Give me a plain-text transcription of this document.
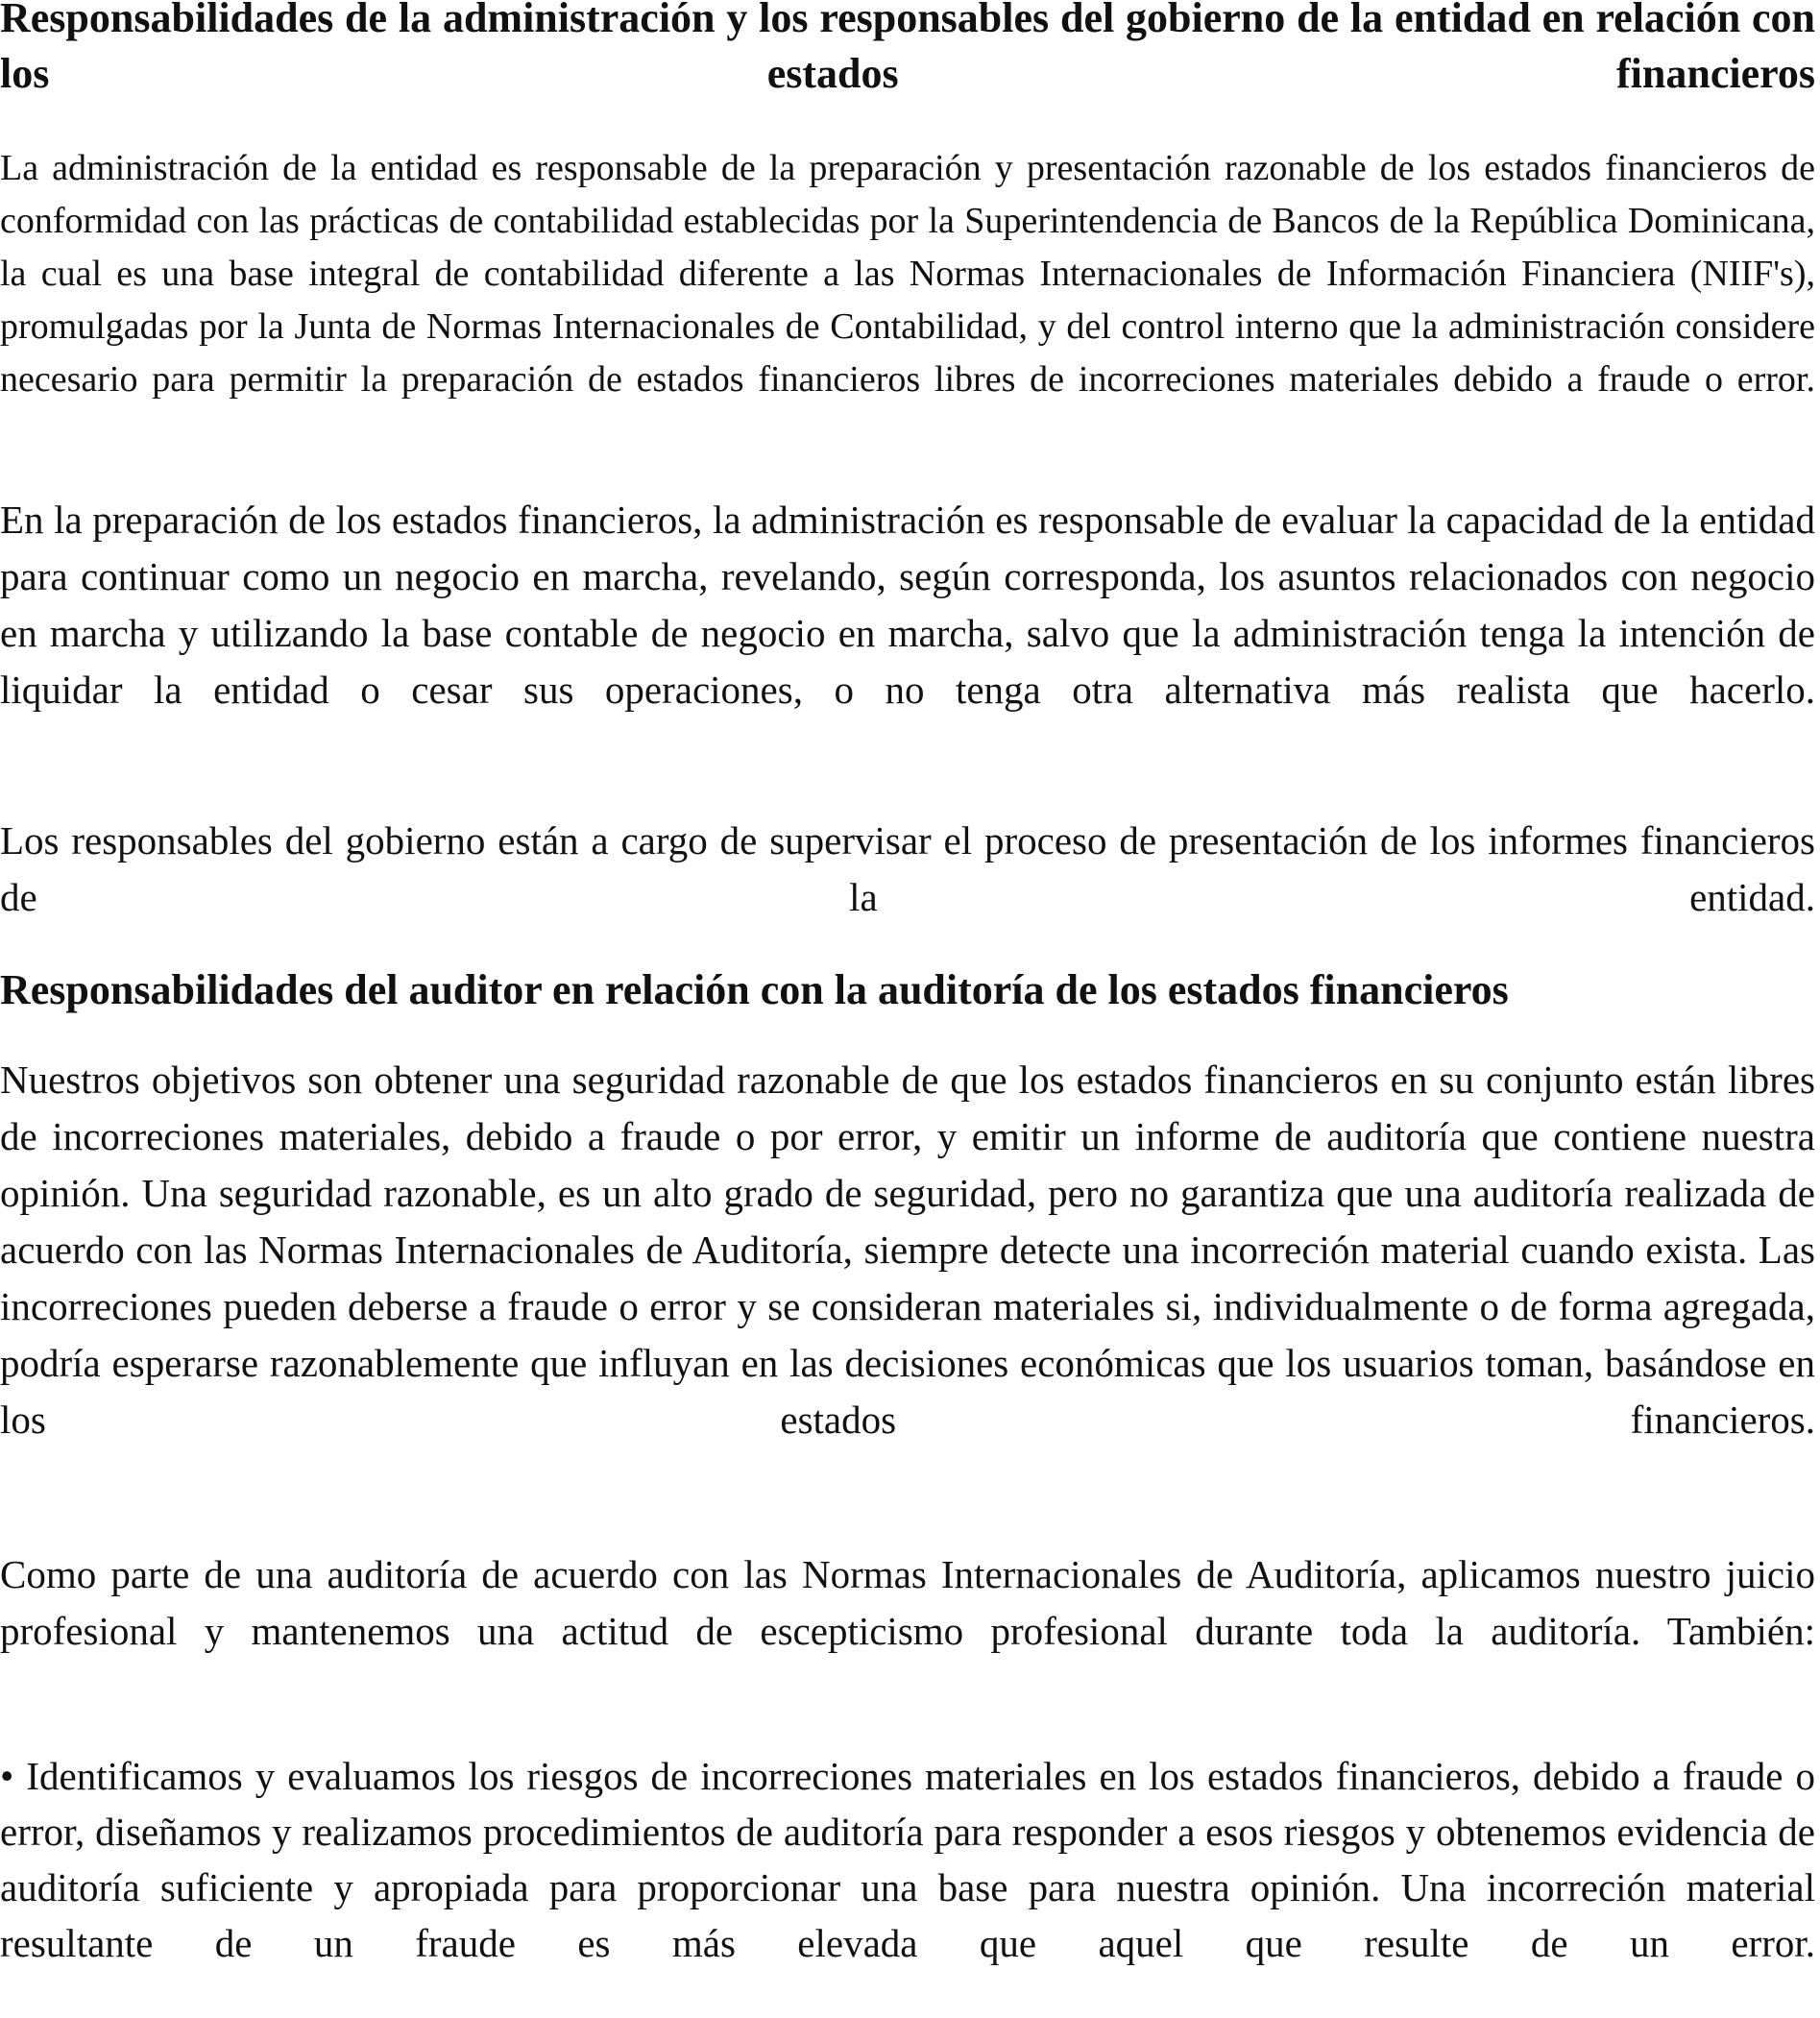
Responsabilidades de la administración y los responsables del gobierno de la entidad en relación con los estados financieros

La administración de la entidad es responsable de la preparación y presentación razonable de los estados financieros de conformidad con las prácticas de contabilidad establecidas por la Superintendencia de Bancos de la República Dominicana, la cual es una base integral de contabilidad diferente a las Normas Internacionales de Información Financiera (NIIF's), promulgadas por la Junta de Normas Internacionales de Contabilidad, y del control interno que la administración considere necesario para permitir la preparación de estados financieros libres de incorreciones materiales debido a fraude o error.

En la preparación de los estados financieros, la administración es responsable de evaluar la capacidad de la entidad para continuar como un negocio en marcha, revelando, según corresponda, los asuntos relacionados con negocio en marcha y utilizando la base contable de negocio en marcha, salvo que la administración tenga la intención de liquidar la entidad o cesar sus operaciones, o no tenga otra alternativa más realista que hacerlo.

Los responsables del gobierno están a cargo de supervisar el proceso de presentación de los informes financieros de la entidad.

Responsabilidades del auditor en relación con la auditoría de los estados financieros

Nuestros objetivos son obtener una seguridad razonable de que los estados financieros en su conjunto están libres de incorreciones materiales, debido a fraude o por error, y emitir un informe de auditoría que contiene nuestra opinión. Una seguridad razonable, es un alto grado de seguridad, pero no garantiza que una auditoría realizada de acuerdo con las Normas Internacionales de Auditoría, siempre detecte una incorreción material cuando exista. Las incorreciones pueden deberse a fraude o error y se consideran materiales si, individualmente o de forma agregada, podría esperarse razonablemente que influyan en las decisiones económicas que los usuarios toman, basándose en los estados financieros.

Como parte de una auditoría de acuerdo con las Normas Internacionales de Auditoría, aplicamos nuestro juicio profesional y mantenemos una actitud de escepticismo profesional durante toda la auditoría. También:

• Identificamos y evaluamos los riesgos de incorreciones materiales en los estados financieros, debido a fraude o error, diseñamos y realizamos procedimientos de auditoría para responder a esos riesgos y obtenemos evidencia de auditoría suficiente y apropiada para proporcionar una base para nuestra opinión. Una incorreción material resultante de un fraude es más elevada que aquel que resulte de un error.
